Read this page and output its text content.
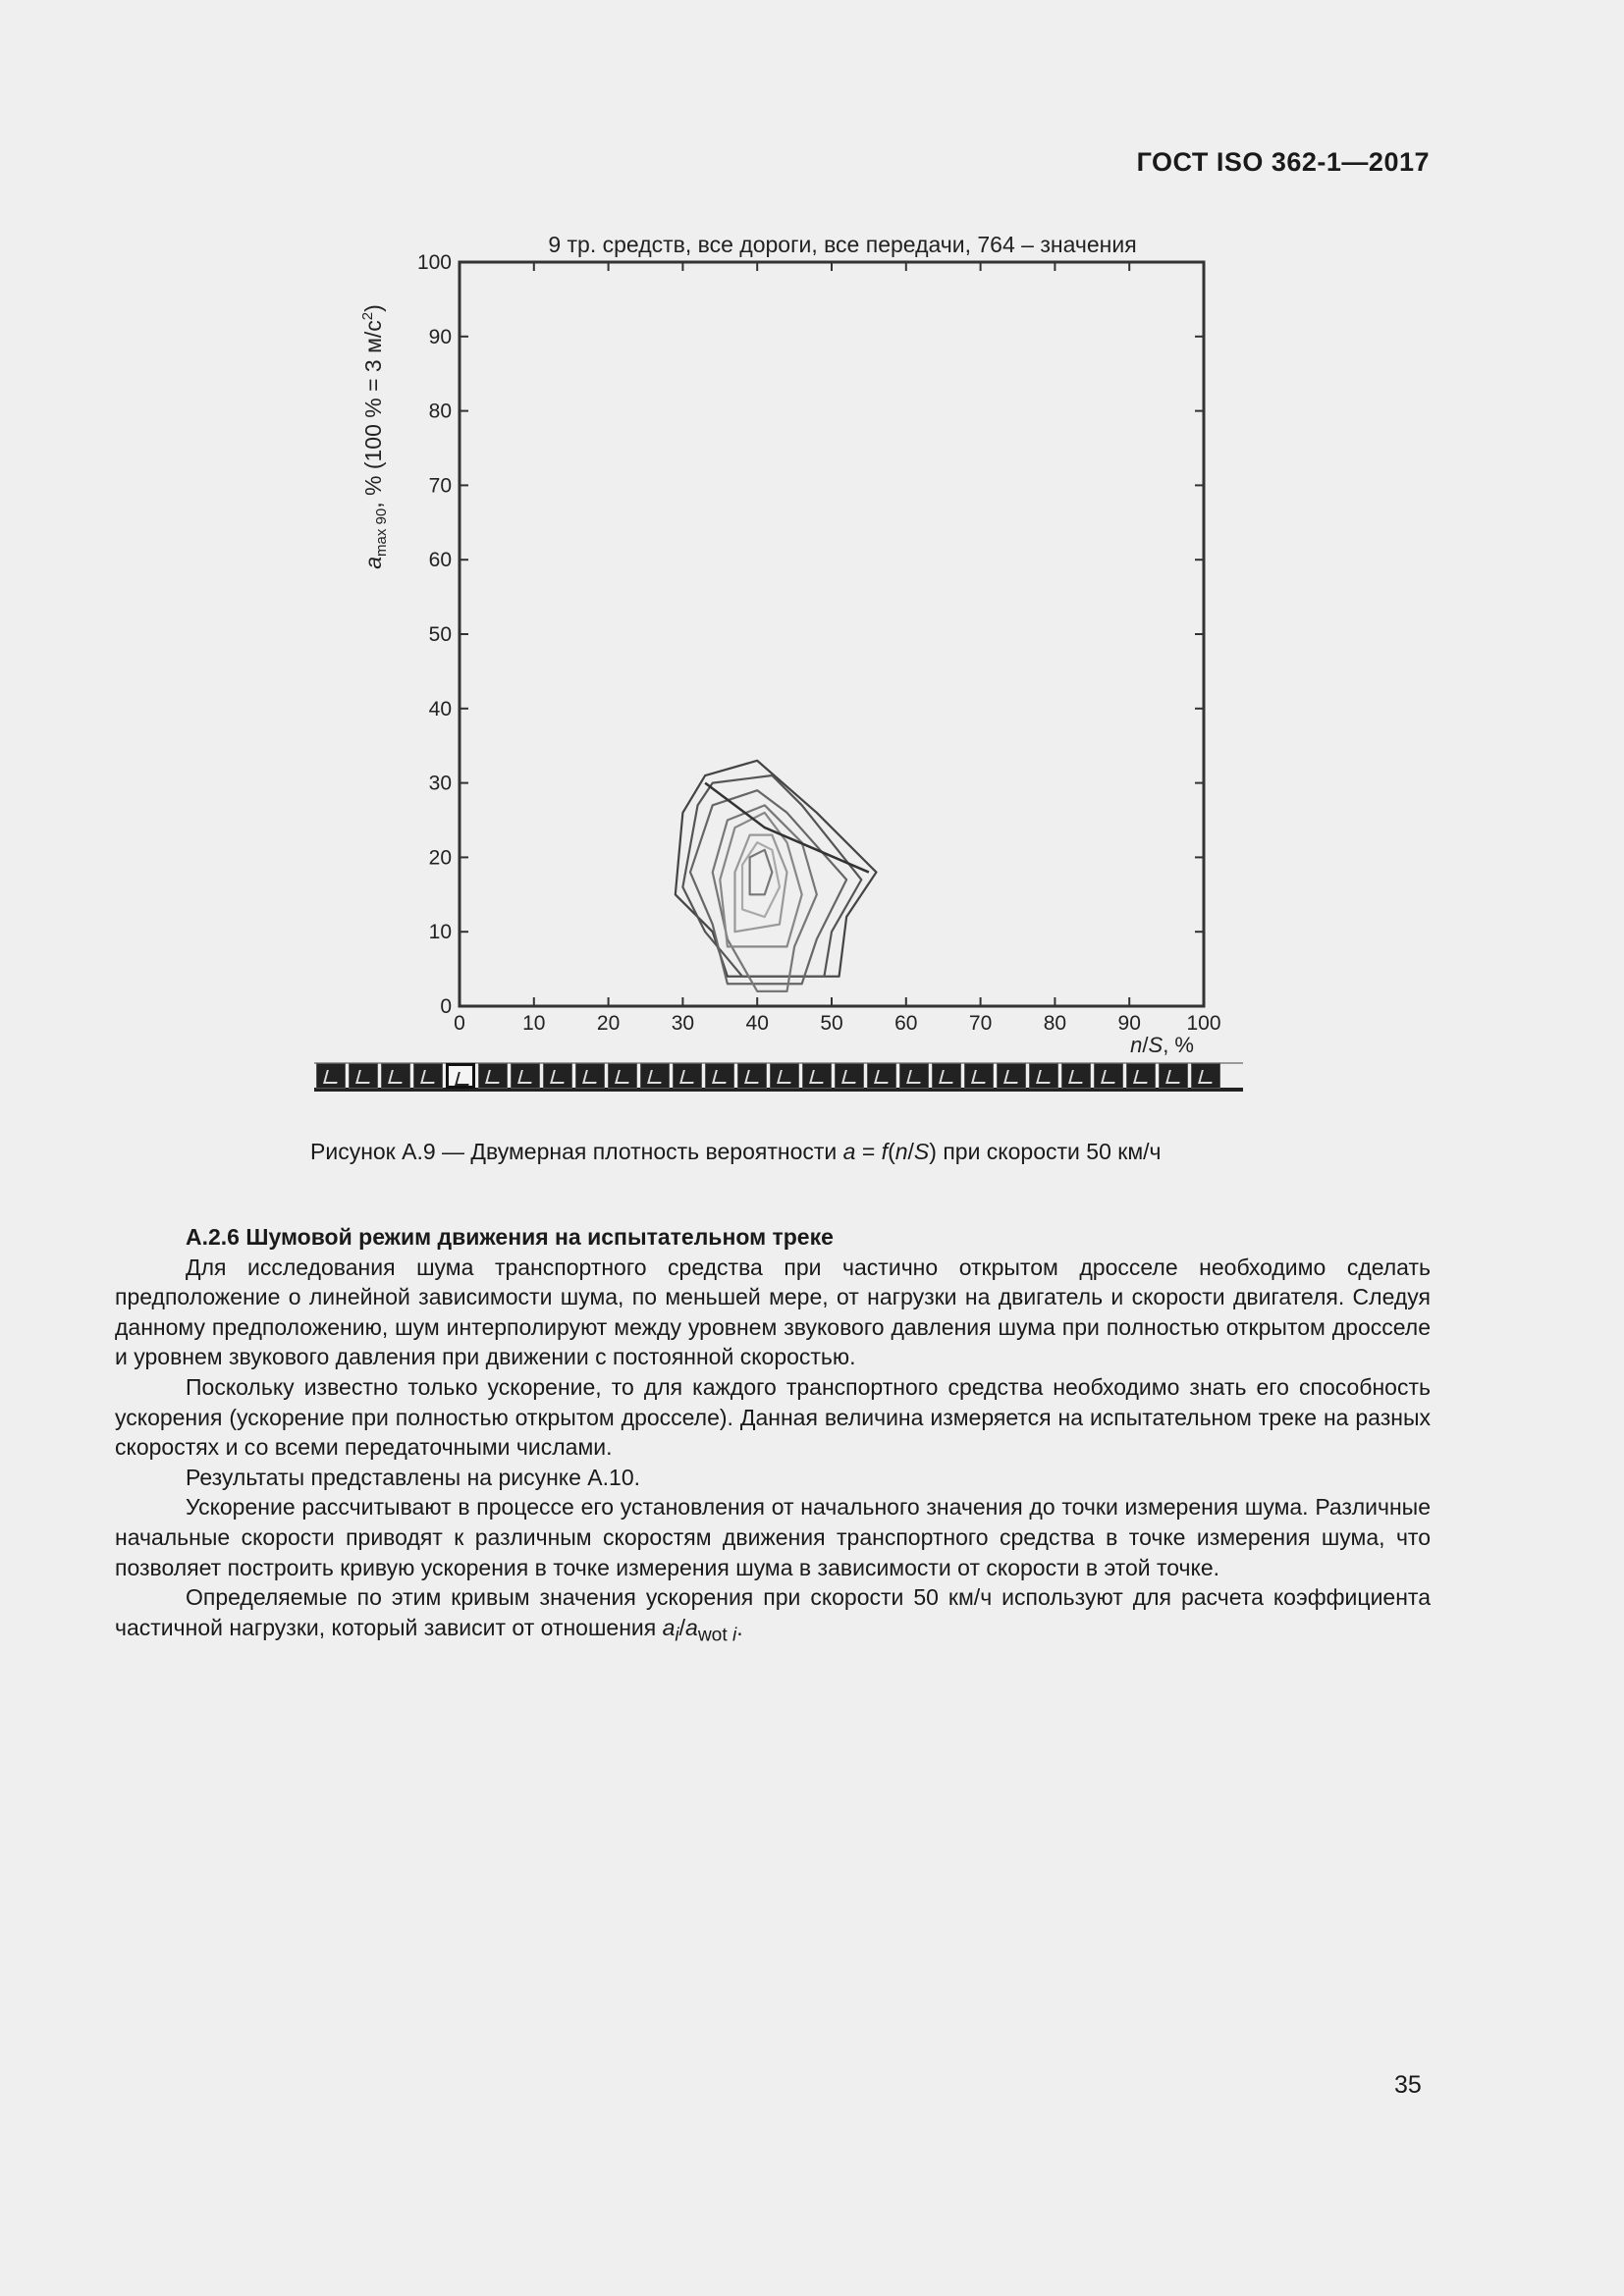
ГОСТ ISO 362-1—2017
9 тр. средств, все дороги, все передачи, 764 – значения
0	10 20 30 40 50 60 70 80 90 100
0
10
20
30
40
50
60
70
80
90
100
$a_{max 90}$, % (100 % = 3 $м/с^2$)
n/S, %
Рисунок А.9 — Двумерная плотность вероятности a = f(n/S) при скорости 50 км/ч
А.2.6 Шумовой режим движения на испытательном треке

Для исследования шума транспортного средства при частично открытом дросселе необходимо сделать предположение о линейной зависимости шума, по меньшей мере, от нагрузки на двигатель и скорости двигателя. Следуя данному предположению, шум интерполируют между уровнем звукового давления шума при полностью открытом дросселе и уровнем звукового давления при движении с постоянной скоростью.

Поскольку известно только ускорение, то для каждого транспортного средства необходимо знать его способность ускорения (ускорение при полностью открытом дросселе). Данная величина измеряется на испытательном треке на разных скоростях и со всеми передаточными числами.

Результаты представлены на рисунке А.10.

Ускорение рассчитывают в процессе его установления от начального значения до точки измерения шума. Различные начальные скорости приводят к различным скоростям движения транспортного средства в точке измерения шума, что позволяет построить кривую ускорения в точке измерения шума в зависимости от скорости в этой точке.

Определяемые по этим кривым значения ускорения при скорости 50 км/ч используют для расчета коэффициента частичной нагрузки, который зависит от отношения $a_i/a_{wot i}$.

35
